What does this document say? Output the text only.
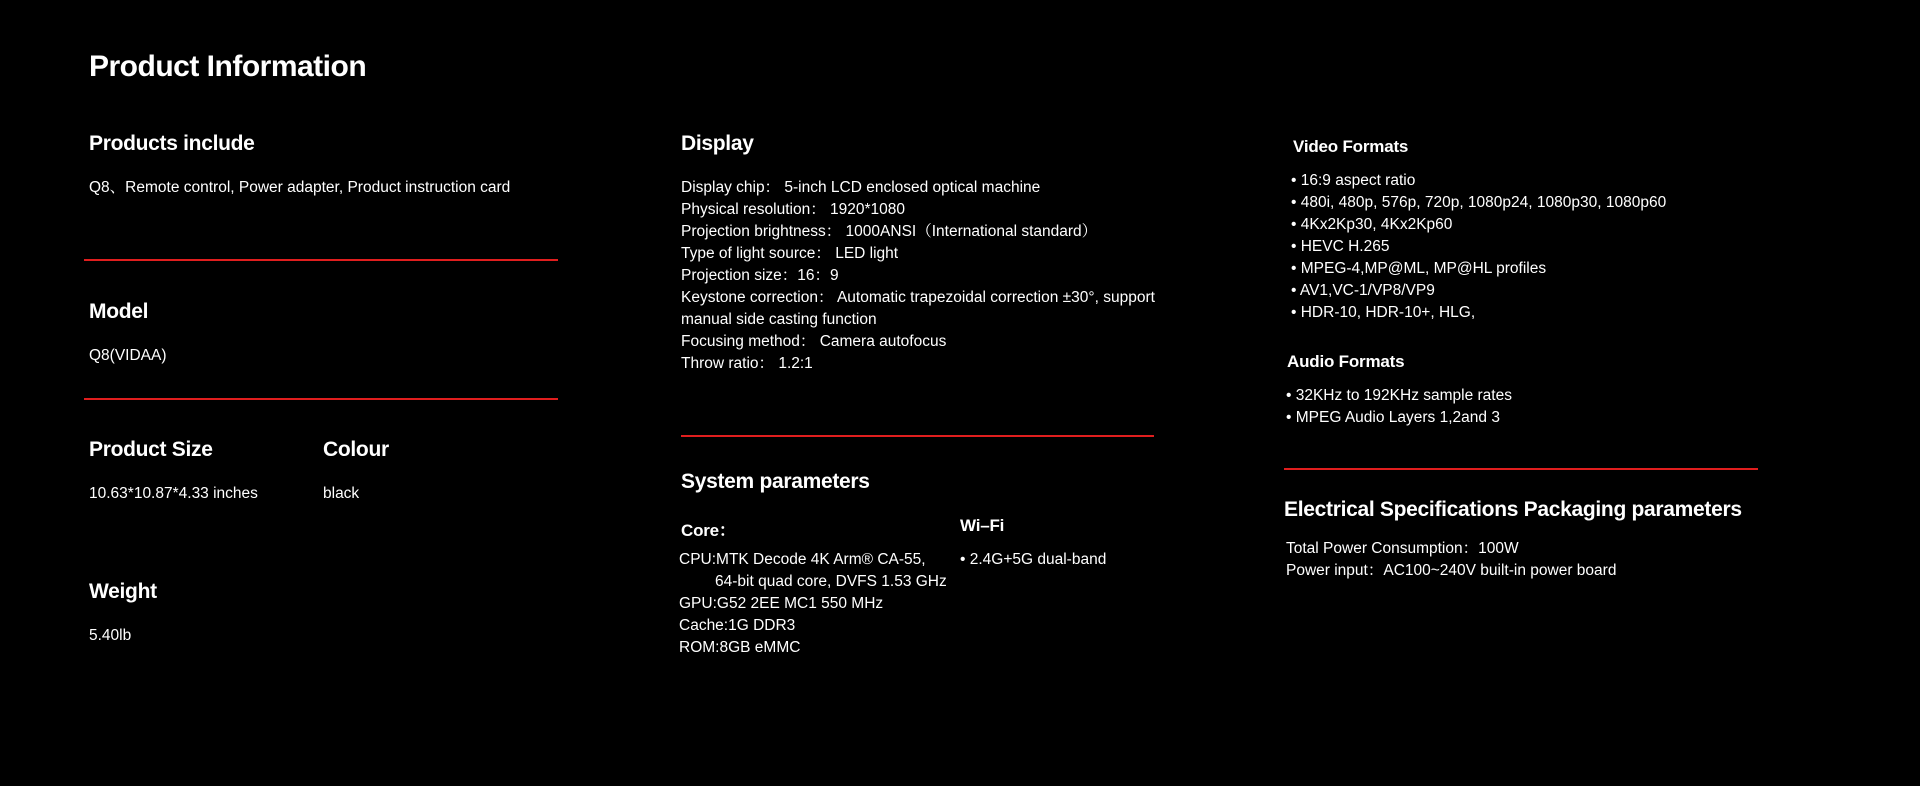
Product Information
Products include
Q8、Remote control, Power adapter, Product instruction card
Model
Q8(VIDAA)
Product Size
10.63*10.87*4.33 inches
Colour
black
Weight
5.40lb
Display
Display chip： 5-inch LCD enclosed optical machine
Physical resolution： 1920*1080
Projection brightness： 1000ANSI（International standard）
Type of light source： LED light
Projection size：16：9
Keystone correction： Automatic trapezoidal correction ±30°, support
manual side casting function
Focusing method： Camera autofocus
Throw ratio： 1.2:1
System parameters
Core：
CPU:MTK Decode 4K Arm® CA-55,
64-bit quad core, DVFS 1.53 GHz
GPU:G52 2EE MC1 550 MHz
Cache:1G DDR3
ROM:8GB eMMC
Wi–Fi
• 2.4G+5G dual-band
Video Formats
• 16:9 aspect ratio
• 480i, 480p, 576p, 720p, 1080p24, 1080p30, 1080p60
• 4Kx2Kp30, 4Kx2Kp60
• HEVC H.265
• MPEG-4,MP@ML, MP@HL profiles
• AV1,VC-1/VP8/VP9
• HDR-10, HDR-10+, HLG,
Audio Formats
• 32KHz to 192KHz sample rates
• MPEG Audio Layers 1,2and 3
Electrical Specifications Packaging parameters
Total Power Consumption：100W
Power input：AC100~240V built-in power board
